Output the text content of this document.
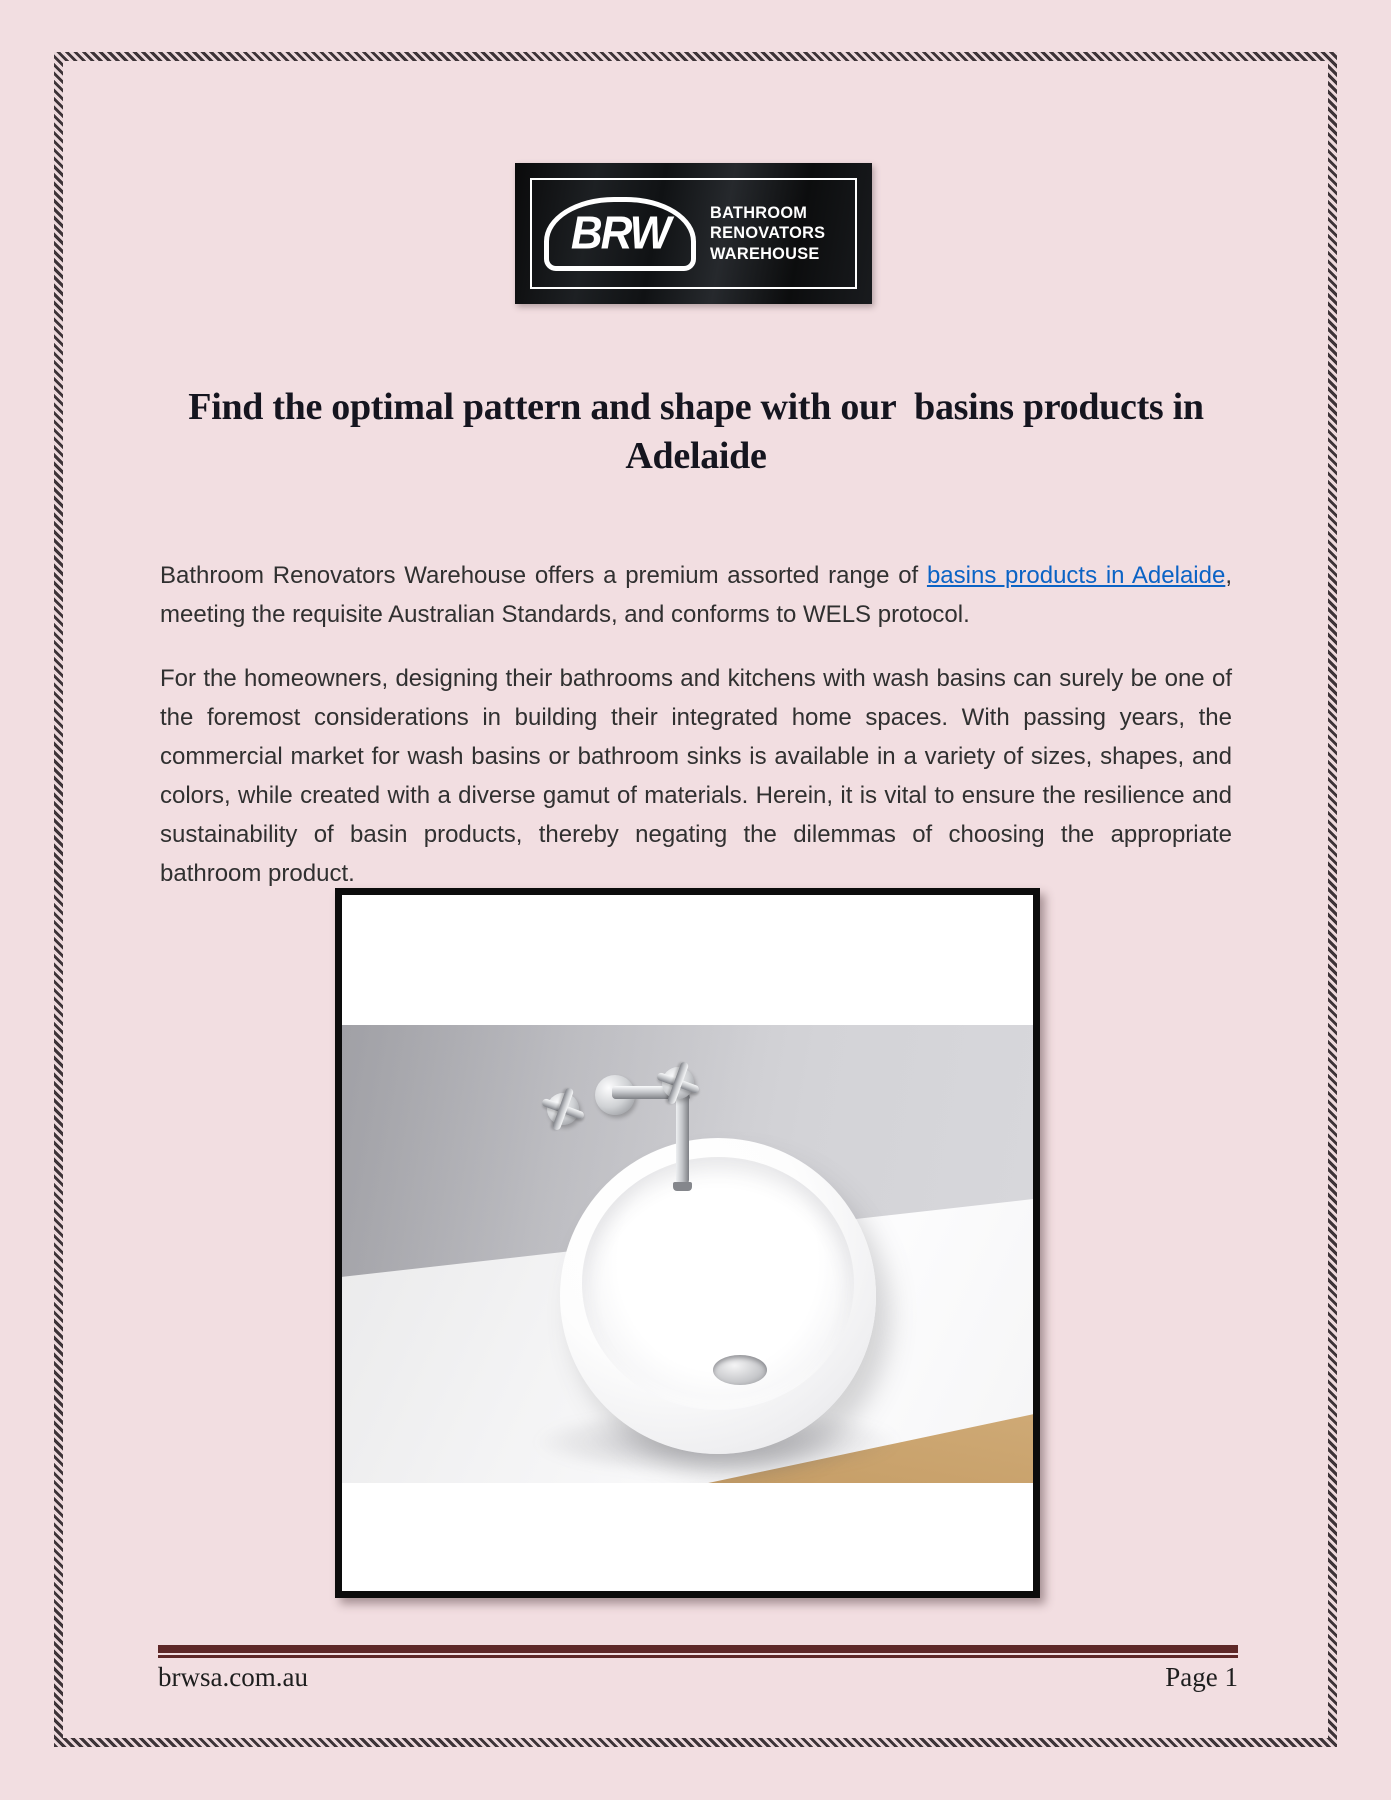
BRW BATHROOM
RENOVATORS
WAREHOUSE
Find the optimal pattern and shape with our  basins products in
Adelaide

Bathroom Renovators Warehouse offers a premium assorted range of basins products in Adelaide, meeting the requisite Australian Standards, and conforms to WELS protocol.

For the homeowners, designing their bathrooms and kitchens with wash basins can surely be one of the foremost considerations in building their integrated home spaces. With passing years, the commercial market for wash basins or bathroom sinks is available in a variety of sizes, shapes, and colors, while created with a diverse gamut of materials. Herein, it is vital to ensure the resilience and sustainability of basin products, thereby negating the dilemmas of choosing the appropriate bathroom product.

brwsa.com.au	Page 1
